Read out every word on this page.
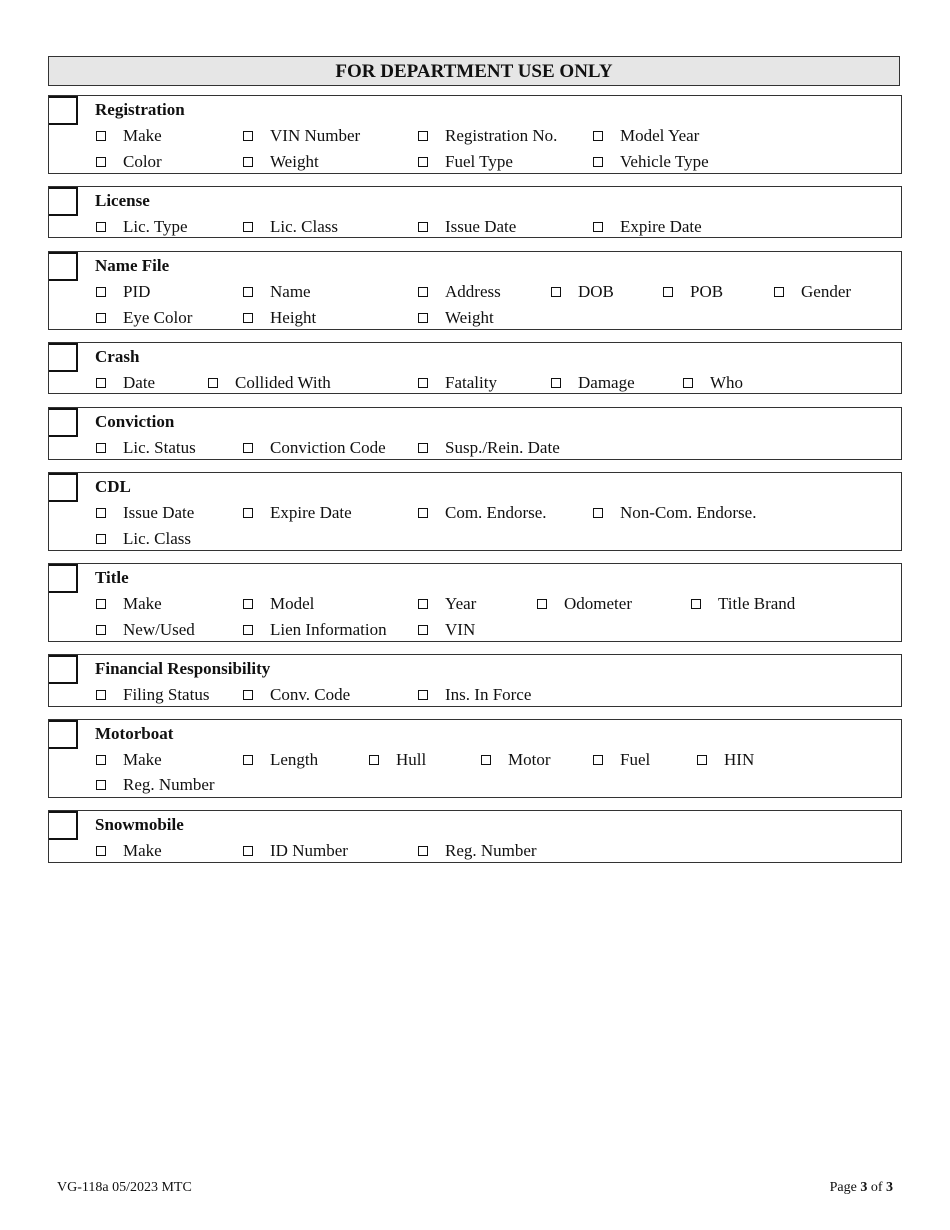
FOR DEPARTMENT USE ONLY
Registration
Make	VIN Number	Registration No.	Model Year
Color	Weight	Fuel Type	Vehicle Type
License
Lic. Type	Lic. Class	Issue Date	Expire Date
Name File
PID	Name	Address	DOB	POB	Gender
Eye Color	Height	Weight
Crash
Date	Collided With	Fatality	Damage	Who
Conviction
Lic. Status	Conviction Code	Susp./Rein. Date
CDL
Issue Date	Expire Date	Com. Endorse.	Non-Com. Endorse.
Lic. Class
Title
Make	Model	Year	Odometer	Title Brand
New/Used	Lien Information	VIN
Financial Responsibility
Filing Status	Conv. Code	Ins. In Force
Motorboat
Make	Length	Hull	Motor	Fuel	HIN
Reg. Number
Snowmobile
Make	ID Number	Reg. Number
VG-118a 05/2023 MTC	Page 3 of 3
